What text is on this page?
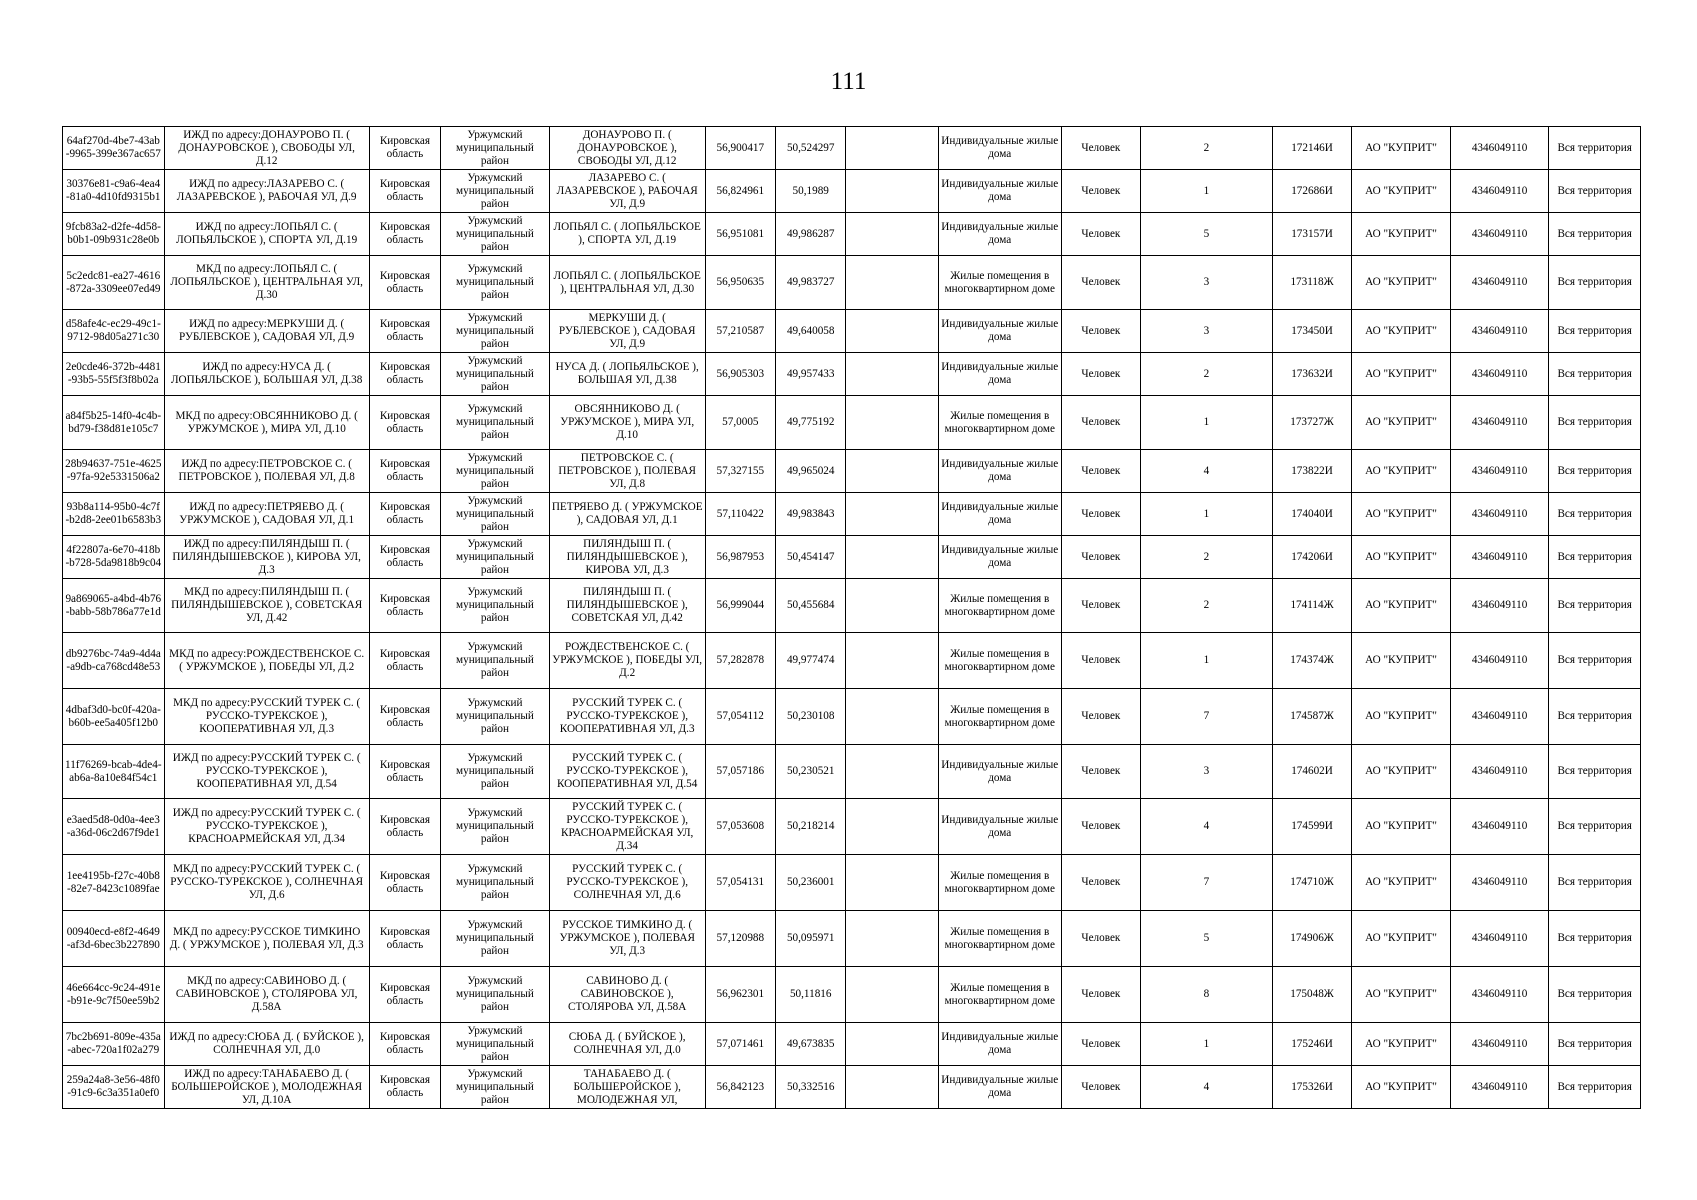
111
64af270d-4be7-43ab-9965-399e367ac657	ИЖД по адресу:ДОНАУРОВО П. ( ДОНАУРОВСКОЕ ), СВОБОДЫ УЛ, Д.12	Кировская область	Уржумский муниципальный район	ДОНАУРОВО П. ( ДОНАУРОВСКОЕ ), СВОБОДЫ УЛ, Д.12	56,900417	50,524297		Индивидуальные жилые дома	Человек	2	172146И	АО "КУПРИТ"	4346049110	Вся территория
30376e81-c9a6-4ea4-81a0-4d10fd9315b1	ИЖД по адресу:ЛАЗАРЕВО С. ( ЛАЗАРЕВСКОЕ ), РАБОЧАЯ УЛ, Д.9	Кировская область	Уржумский муниципальный район	ЛАЗАРЕВО С. ( ЛАЗАРЕВСКОЕ ), РАБОЧАЯ УЛ, Д.9	56,824961	50,1989		Индивидуальные жилые дома	Человек	1	172686И	АО "КУПРИТ"	4346049110	Вся территория
9fcb83a2-d2fe-4d58-b0b1-09b931c28e0b	ИЖД по адресу:ЛОПЬЯЛ С. ( ЛОПЬЯЛЬСКОЕ ), СПОРТА УЛ, Д.19	Кировская область	Уржумский муниципальный район	ЛОПЬЯЛ С. ( ЛОПЬЯЛЬСКОЕ ), СПОРТА УЛ, Д.19	56,951081	49,986287		Индивидуальные жилые дома	Человек	5	173157И	АО "КУПРИТ"	4346049110	Вся территория
5c2edc81-ea27-4616-872a-3309ee07ed49	МКД по адресу:ЛОПЬЯЛ С. ( ЛОПЬЯЛЬСКОЕ ), ЦЕНТРАЛЬНАЯ УЛ, Д.30	Кировская область	Уржумский муниципальный район	ЛОПЬЯЛ С. ( ЛОПЬЯЛЬСКОЕ ), ЦЕНТРАЛЬНАЯ УЛ, Д.30	56,950635	49,983727		Жилые помещения в многоквартирном доме	Человек	3	173118Ж	АО "КУПРИТ"	4346049110	Вся территория
d58afe4c-ec29-49c1-9712-98d05a271c30	ИЖД по адресу:МЕРКУШИ Д. ( РУБЛЕВСКОЕ ), САДОВАЯ УЛ, Д.9	Кировская область	Уржумский муниципальный район	МЕРКУШИ Д. ( РУБЛЕВСКОЕ ), САДОВАЯ УЛ, Д.9	57,210587	49,640058		Индивидуальные жилые дома	Человек	3	173450И	АО "КУПРИТ"	4346049110	Вся территория
2e0cde46-372b-4481-93b5-55f5f3f8b02a	ИЖД по адресу:НУСА Д. ( ЛОПЬЯЛЬСКОЕ ), БОЛЬШАЯ УЛ, Д.38	Кировская область	Уржумский муниципальный район	НУСА Д. ( ЛОПЬЯЛЬСКОЕ ), БОЛЬШАЯ УЛ, Д.38	56,905303	49,957433		Индивидуальные жилые дома	Человек	2	173632И	АО "КУПРИТ"	4346049110	Вся территория
a84f5b25-14f0-4c4b-bd79-f38d81e105c7	МКД по адресу:ОВСЯННИКОВО Д. ( УРЖУМСКОЕ ), МИРА УЛ, Д.10	Кировская область	Уржумский муниципальный район	ОВСЯННИКОВО Д. ( УРЖУМСКОЕ ), МИРА УЛ, Д.10	57,0005	49,775192		Жилые помещения в многоквартирном доме	Человек	1	173727Ж	АО "КУПРИТ"	4346049110	Вся территория
28b94637-751e-4625-97fa-92e5331506a2	ИЖД по адресу:ПЕТРОВСКОЕ С. ( ПЕТРОВСКОЕ ), ПОЛЕВАЯ УЛ, Д.8	Кировская область	Уржумский муниципальный район	ПЕТРОВСКОЕ С. ( ПЕТРОВСКОЕ ), ПОЛЕВАЯ УЛ, Д.8	57,327155	49,965024		Индивидуальные жилые дома	Человек	4	173822И	АО "КУПРИТ"	4346049110	Вся территория
93b8a114-95b0-4c7f-b2d8-2ee01b6583b3	ИЖД по адресу:ПЕТРЯЕВО Д. ( УРЖУМСКОЕ ), САДОВАЯ УЛ, Д.1	Кировская область	Уржумский муниципальный район	ПЕТРЯЕВО Д. ( УРЖУМСКОЕ ), САДОВАЯ УЛ, Д.1	57,110422	49,983843		Индивидуальные жилые дома	Человек	1	174040И	АО "КУПРИТ"	4346049110	Вся территория
4f22807a-6e70-418b-b728-5da9818b9c04	ИЖД по адресу:ПИЛЯНДЫШ П. ( ПИЛЯНДЫШЕВСКОЕ ), КИРОВА УЛ, Д.3	Кировская область	Уржумский муниципальный район	ПИЛЯНДЫШ П. ( ПИЛЯНДЫШЕВСКОЕ ), КИРОВА УЛ, Д.3	56,987953	50,454147		Индивидуальные жилые дома	Человек	2	174206И	АО "КУПРИТ"	4346049110	Вся территория
9a869065-a4bd-4b76-babb-58b786a77e1d	МКД по адресу:ПИЛЯНДЫШ П. ( ПИЛЯНДЫШЕВСКОЕ ), СОВЕТСКАЯ УЛ, Д.42	Кировская область	Уржумский муниципальный район	ПИЛЯНДЫШ П. ( ПИЛЯНДЫШЕВСКОЕ ), СОВЕТСКАЯ УЛ, Д.42	56,999044	50,455684		Жилые помещения в многоквартирном доме	Человек	2	174114Ж	АО "КУПРИТ"	4346049110	Вся территория
db9276bc-74a9-4d4a-a9db-ca768cd48e53	МКД по адресу:РОЖДЕСТВЕНСКОЕ С. ( УРЖУМСКОЕ ), ПОБЕДЫ УЛ, Д.2	Кировская область	Уржумский муниципальный район	РОЖДЕСТВЕНСКОЕ С. ( УРЖУМСКОЕ ), ПОБЕДЫ УЛ, Д.2	57,282878	49,977474		Жилые помещения в многоквартирном доме	Человек	1	174374Ж	АО "КУПРИТ"	4346049110	Вся территория
4dbaf3d0-bc0f-420a-b60b-ee5a405f12b0	МКД по адресу:РУССКИЙ ТУРЕК С. ( РУССКО-ТУРЕКСКОЕ ), КООПЕРАТИВНАЯ УЛ, Д.3	Кировская область	Уржумский муниципальный район	РУССКИЙ ТУРЕК С. ( РУССКО-ТУРЕКСКОЕ ), КООПЕРАТИВНАЯ УЛ, Д.3	57,054112	50,230108		Жилые помещения в многоквартирном доме	Человек	7	174587Ж	АО "КУПРИТ"	4346049110	Вся территория
11f76269-bcab-4de4-ab6a-8a10e84f54c1	ИЖД по адресу:РУССКИЙ ТУРЕК С. ( РУССКО-ТУРЕКСКОЕ ), КООПЕРАТИВНАЯ УЛ, Д.54	Кировская область	Уржумский муниципальный район	РУССКИЙ ТУРЕК С. ( РУССКО-ТУРЕКСКОЕ ), КООПЕРАТИВНАЯ УЛ, Д.54	57,057186	50,230521		Индивидуальные жилые дома	Человек	3	174602И	АО "КУПРИТ"	4346049110	Вся территория
e3aed5d8-0d0a-4ee3-a36d-06c2d67f9de1	ИЖД по адресу:РУССКИЙ ТУРЕК С. ( РУССКО-ТУРЕКСКОЕ ), КРАСНОАРМЕЙСКАЯ УЛ, Д.34	Кировская область	Уржумский муниципальный район	РУССКИЙ ТУРЕК С. ( РУССКО-ТУРЕКСКОЕ ), КРАСНОАРМЕЙСКАЯ УЛ, Д.34	57,053608	50,218214		Индивидуальные жилые дома	Человек	4	174599И	АО "КУПРИТ"	4346049110	Вся территория
1ee4195b-f27c-40b8-82e7-8423c1089fae	МКД по адресу:РУССКИЙ ТУРЕК С. ( РУССКО-ТУРЕКСКОЕ ), СОЛНЕЧНАЯ УЛ, Д.6	Кировская область	Уржумский муниципальный район	РУССКИЙ ТУРЕК С. ( РУССКО-ТУРЕКСКОЕ ), СОЛНЕЧНАЯ УЛ, Д.6	57,054131	50,236001		Жилые помещения в многоквартирном доме	Человек	7	174710Ж	АО "КУПРИТ"	4346049110	Вся территория
00940ecd-e8f2-4649-af3d-6bec3b227890	МКД по адресу:РУССКОЕ ТИМКИНО Д. ( УРЖУМСКОЕ ), ПОЛЕВАЯ УЛ, Д.3	Кировская область	Уржумский муниципальный район	РУССКОЕ ТИМКИНО Д. ( УРЖУМСКОЕ ), ПОЛЕВАЯ УЛ, Д.3	57,120988	50,095971		Жилые помещения в многоквартирном доме	Человек	5	174906Ж	АО "КУПРИТ"	4346049110	Вся территория
46e664cc-9c24-491e-b91e-9c7f50ee59b2	МКД по адресу:САВИНОВО Д. ( САВИНОВСКОЕ ), СТОЛЯРОВА УЛ, Д.58А	Кировская область	Уржумский муниципальный район	САВИНОВО Д. ( САВИНОВСКОЕ ), СТОЛЯРОВА УЛ, Д.58А	56,962301	50,11816		Жилые помещения в многоквартирном доме	Человек	8	175048Ж	АО "КУПРИТ"	4346049110	Вся территория
7bc2b691-809e-435a-abec-720a1f02a279	ИЖД по адресу:СЮБА Д. ( БУЙСКОЕ ), СОЛНЕЧНАЯ УЛ, Д.0	Кировская область	Уржумский муниципальный район	СЮБА Д. ( БУЙСКОЕ ), СОЛНЕЧНАЯ УЛ, Д.0	57,071461	49,673835		Индивидуальные жилые дома	Человек	1	175246И	АО "КУПРИТ"	4346049110	Вся территория
259a24a8-3e56-48f0-91c9-6c3a351a0ef0	ИЖД по адресу:ТАНАБАЕВО Д. ( БОЛЬШЕРОЙСКОЕ ), МОЛОДЕЖНАЯ УЛ, Д.10А	Кировская область	Уржумский муниципальный район	ТАНАБАЕВО Д. ( БОЛЬШЕРОЙСКОЕ ), МОЛОДЕЖНАЯ УЛ,	56,842123	50,332516		Индивидуальные жилые дома	Человек	4	175326И	АО "КУПРИТ"	4346049110	Вся территория
